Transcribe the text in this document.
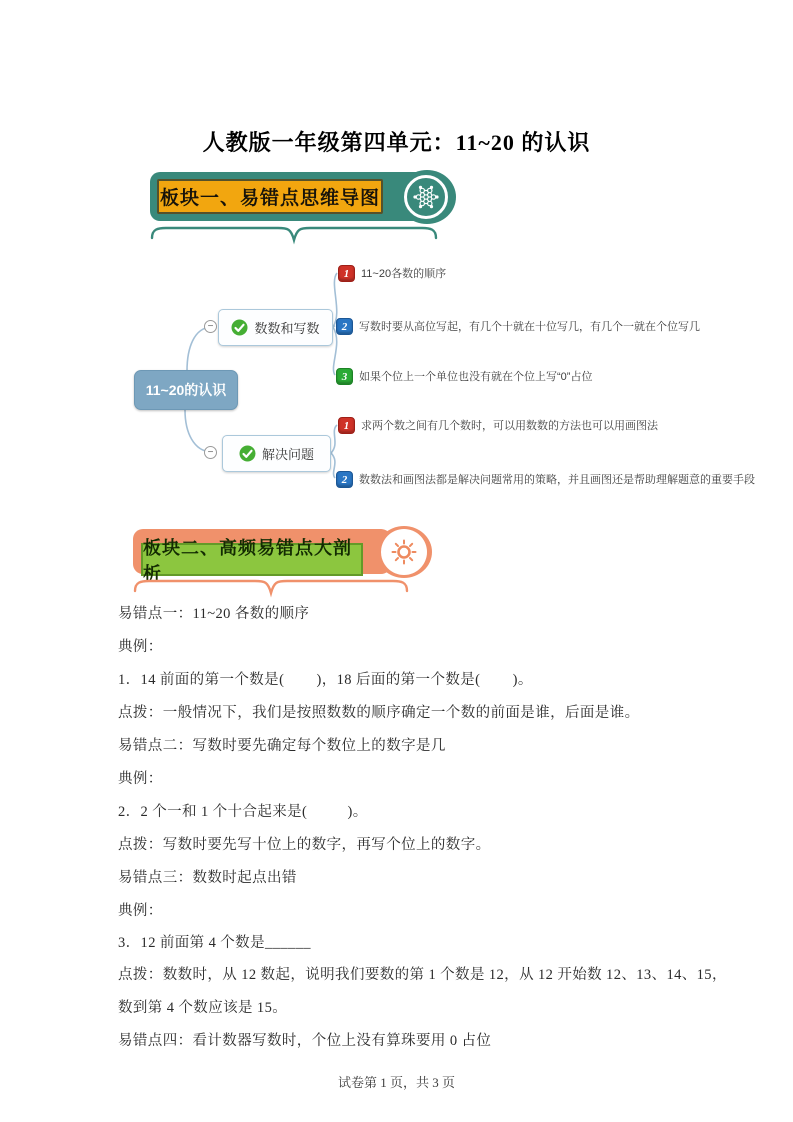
人教版一年级第四单元：11~20 的认识
板块一、易错点思维导图
11~20的认识
数数和写数
−
解决问题
−
1	11~20各数的顺序
2	写数时要从高位写起，有几个十就在十位写几，有几个一就在个位写几
3	如果个位上一个单位也没有就在个位上写“0”占位
1	求两个数之间有几个数时，可以用数数的方法也可以用画图法
2	数数法和画图法都是解决问题常用的策略，并且画图还是帮助理解题意的重要手段
板块二、高频易错点大剖析
易错点一：11~20 各数的顺序
典例：
1．14 前面的第一个数是(        )，18 后面的第一个数是(        )。
点拨：一般情况下，我们是按照数数的顺序确定一个数的前面是谁，后面是谁。
易错点二：写数时要先确定每个数位上的数字是几
典例：
2．2 个一和 1 个十合起来是(          )。
点拨：写数时要先写十位上的数字，再写个位上的数字。
易错点三：数数时起点出错
典例：
3．12 前面第 4 个数是______
点拨：数数时，从 12 数起，说明我们要数的第 1 个数是 12，从 12 开始数 12、13、14、15，
数到第 4 个数应该是 15。
易错点四：看计数器写数时，个位上没有算珠要用 0 占位
试卷第 1 页，共 3 页
